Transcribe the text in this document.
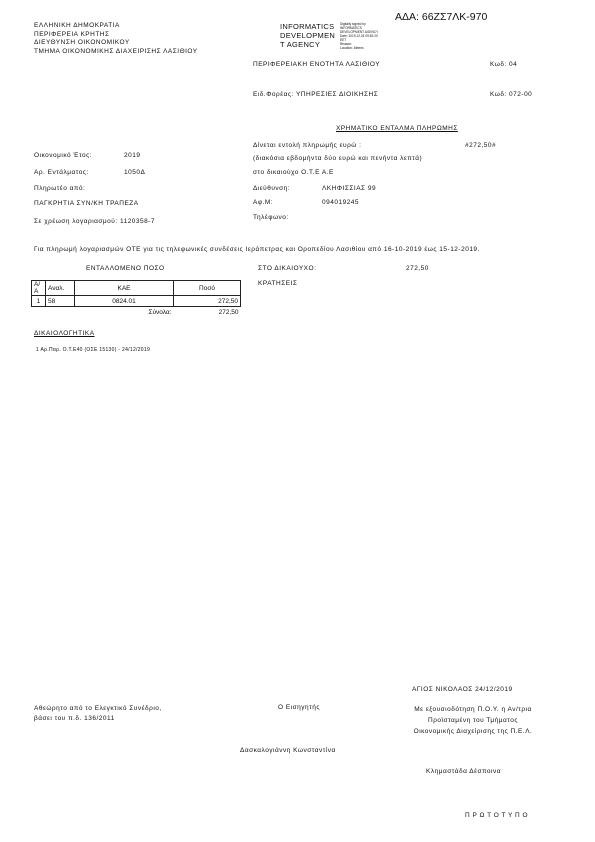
ΑΔΑ: 66ΖΣ7ΛΚ-970
ΕΛΛΗΝΙΚΗ ΔΗΜΟΚΡΑΤΙΑ
ΠΕΡΙΦΕΡΕΙΑ ΚΡΗΤΗΣ
ΔΙΕΥΘΥΝΣΗ ΟΙΚΟΝΟΜΙΚΟΥ
ΤΜΗΜΑ ΟΙΚΟΝΟΜΙΚΗΣ ΔΙΑΧΕΙΡΙΣΗΣ ΛΑΣΙΘΙΟΥ
INFORMATICS
DEVELOPMEN
T AGENCY
Digitally signed by
INFORMATICS
DEVELOPMENT AGENCY
Date: 2019.12.24 09:52:20
EET
Reason:
Location: Athens
ΠΕΡΙΦΕΡΕΙΑΚΗ ΕΝΟΤΗΤΑ ΛΑΣΙΘΙΟΥ	Κωδ: 04
Ειδ.Φορέας: ΥΠΗΡΕΣΙΕΣ ΔΙΟΙΚΗΣΗΣ	Κωδ: 072-00
ΧΡΗΜΑΤΙΚΟ ΕΝΤΑΛΜΑ ΠΛΗΡΩΜΗΣ
Δίνεται εντολή πληρωμής ευρώ :	#272,50#
(διακόσια εβδομήντα δύο ευρώ και πενήντα λεπτά)
Οικονομικό Έτος:	2019
Αρ. Εντάλματος:	1050Δ
Πληρωτέο από:
ΠΑΓΚΡΗΤΙΑ ΣΥΝ/ΚΗ ΤΡΑΠΕΖΑ
Σε χρέωση λογαριασμού: 1120358-7
στο δικαιούχο Ο.Τ.Ε Α.Ε
Διεύθυνση:	ΛΚΗΦΙΣΣΙΑΣ 99
Αφ.Μ:	094019245
Τηλέφωνο:
Για πληρωμή λογαριασμών ΟΤΕ για τις τηλεφωνικές συνδέσεις Ιεράπετρας και Οροπεδίου Λασιθίου από 16-10-2019 έως 15-12-2019.
ΕΝΤΑΛΛΟΜΕΝΟ ΠΟΣΟ	ΣΤΟ ΔΙΚΑΙΟΥΧΟ:	272,50
ΚΡΑΤΗΣΕΙΣ
Α/Α	Αναλ.	ΚΑΕ	Ποσό
1	58	0824.01	272,50
		Σύνολα:	272,50
ΔΙΚΑΙΟΛΟΓΗΤΙΚΑ
1 Αρ.Παρ. Ο.Τ.Ε40 (ΟΣΕ 15130) - 24/12/2019
ΑΓΙΟΣ ΝΙΚΟΛΑΟΣ 24/12/2019
Αθεώρητο από το Ελεγκτικό Συνέδριο,
βάσει του π.δ. 136/2011
Ο Εισηγητής
Δασκαλογιάννη Κωνσταντίνα
Με εξουσιοδότηση Π.Ο.Υ. η Αν/τρια
Προϊσταμένη του Τμήματος
Οικονομικής Διαχείρισης της Π.Ε.Λ.
Κλημαστάδα Δέσποινα
Π Ρ Ω Τ Ο Τ Υ Π Ο
